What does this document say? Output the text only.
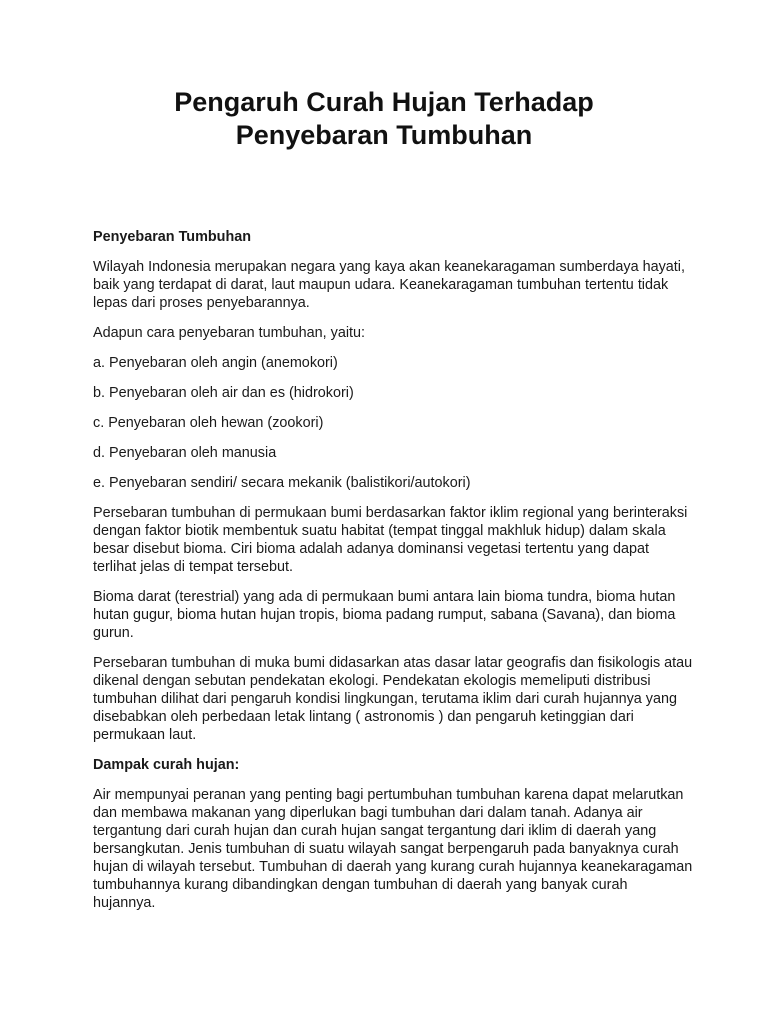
Pengaruh Curah Hujan Terhadap
Penyebaran Tumbuhan
Penyebaran Tumbuhan
Wilayah Indonesia merupakan negara yang kaya akan keanekaragaman sumberdaya hayati, baik yang terdapat di darat, laut maupun udara. Keanekaragaman tumbuhan tertentu tidak lepas dari proses penyebarannya.
Adapun cara penyebaran tumbuhan, yaitu:
a. Penyebaran oleh angin (anemokori)
b. Penyebaran oleh air dan es (hidrokori)
c. Penyebaran oleh hewan (zookori)
d. Penyebaran oleh manusia
e. Penyebaran sendiri/ secara mekanik (balistikori/autokori)
Persebaran tumbuhan di permukaan bumi berdasarkan faktor iklim regional yang berinteraksi dengan faktor biotik membentuk suatu habitat (tempat tinggal makhluk hidup) dalam skala besar disebut bioma. Ciri bioma adalah adanya dominansi vegetasi tertentu yang dapat terlihat jelas di tempat tersebut.
Bioma darat (terestrial) yang ada di permukaan bumi antara lain bioma tundra, bioma hutan hutan gugur, bioma hutan hujan tropis, bioma padang rumput, sabana (Savana), dan bioma gurun.
Persebaran tumbuhan di muka bumi didasarkan atas dasar latar geografis dan fisikologis atau dikenal dengan sebutan pendekatan ekologi. Pendekatan ekologis memeliputi distribusi tumbuhan dilihat dari pengaruh kondisi lingkungan, terutama iklim dari curah hujannya yang disebabkan oleh perbedaan letak lintang ( astronomis ) dan pengaruh ketinggian dari permukaan laut.
Dampak curah hujan:
Air mempunyai peranan yang penting bagi pertumbuhan tumbuhan karena dapat melarutkan dan membawa makanan yang diperlukan bagi tumbuhan dari dalam tanah. Adanya air tergantung dari curah hujan dan curah hujan sangat tergantung dari iklim di daerah yang bersangkutan. Jenis tumbuhan di suatu wilayah sangat berpengaruh pada banyaknya curah hujan di wilayah tersebut. Tumbuhan di daerah yang kurang curah hujannya keanekaragaman tumbuhannya kurang dibandingkan dengan tumbuhan di daerah yang banyak curah hujannya.
